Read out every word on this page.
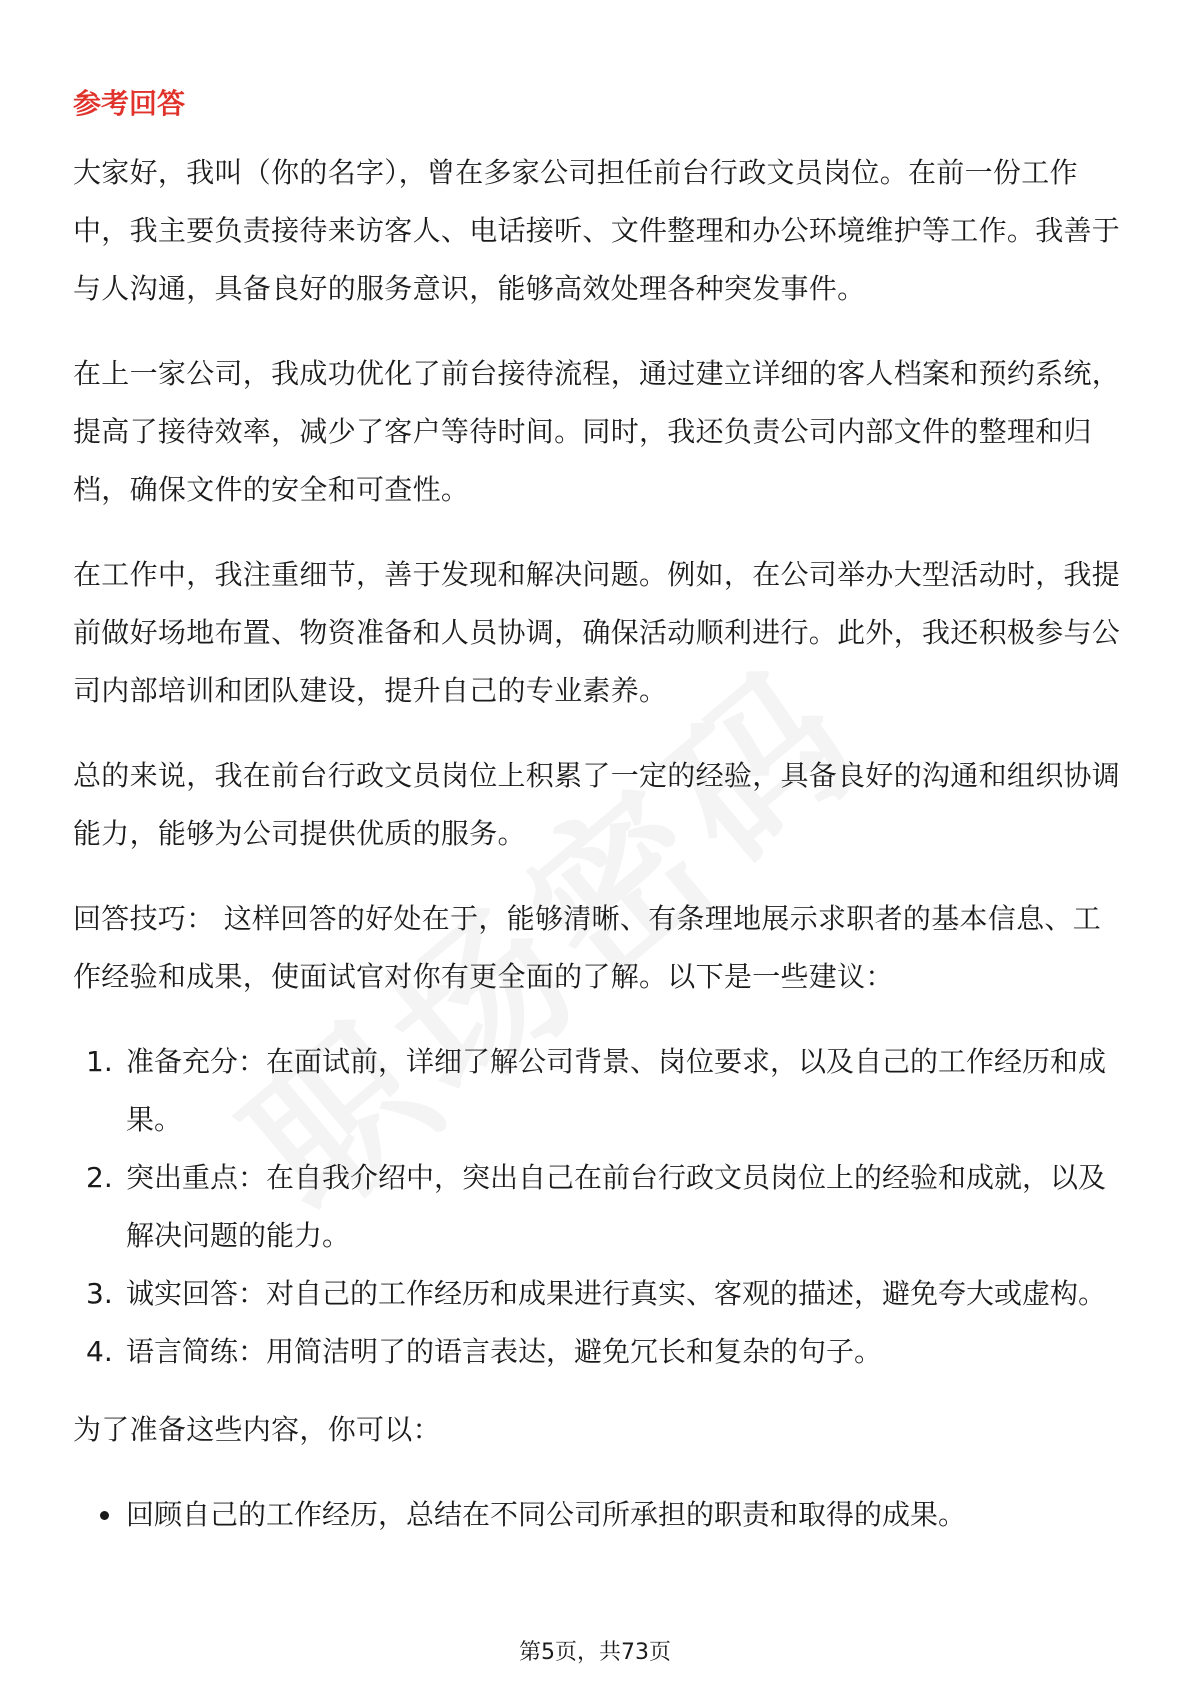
参考回答

大家好，我叫（你的名字），曾在多家公司担任前台行政文员岗位。在前一份工作中，我主要负责接待来访客人、电话接听、文件整理和办公环境维护等工作。我善于与人沟通，具备良好的服务意识，能够高效处理各种突发事件。

在上一家公司，我成功优化了前台接待流程，通过建立详细的客人档案和预约系统，提高了接待效率，减少了客户等待时间。同时，我还负责公司内部文件的整理和归档，确保文件的安全和可查性。

在工作中，我注重细节，善于发现和解决问题。例如，在公司举办大型活动时，我提前做好场地布置、物资准备和人员协调，确保活动顺利进行。此外，我还积极参与公司内部培训和团队建设，提升自己的专业素养。

总的来说，我在前台行政文员岗位上积累了一定的经验，具备良好的沟通和组织协调能力，能够为公司提供优质的服务。

回答技巧： 这样回答的好处在于，能够清晰、有条理地展示求职者的基本信息、工作经验和成果，使面试官对你有更全面的了解。以下是一些建议：

1. 准备充分：在面试前，详细了解公司背景、岗位要求，以及自己的工作经历和成果。
2. 突出重点：在自我介绍中，突出自己在前台行政文员岗位上的经验和成就，以及解决问题的能力。
3. 诚实回答：对自己的工作经历和成果进行真实、客观的描述，避免夸大或虚构。
4. 语言简练：用简洁明了的语言表达，避免冗长和复杂的句子。

为了准备这些内容，你可以：

回顾自己的工作经历，总结在不同公司所承担的职责和取得的成果。
第5页，共73页
